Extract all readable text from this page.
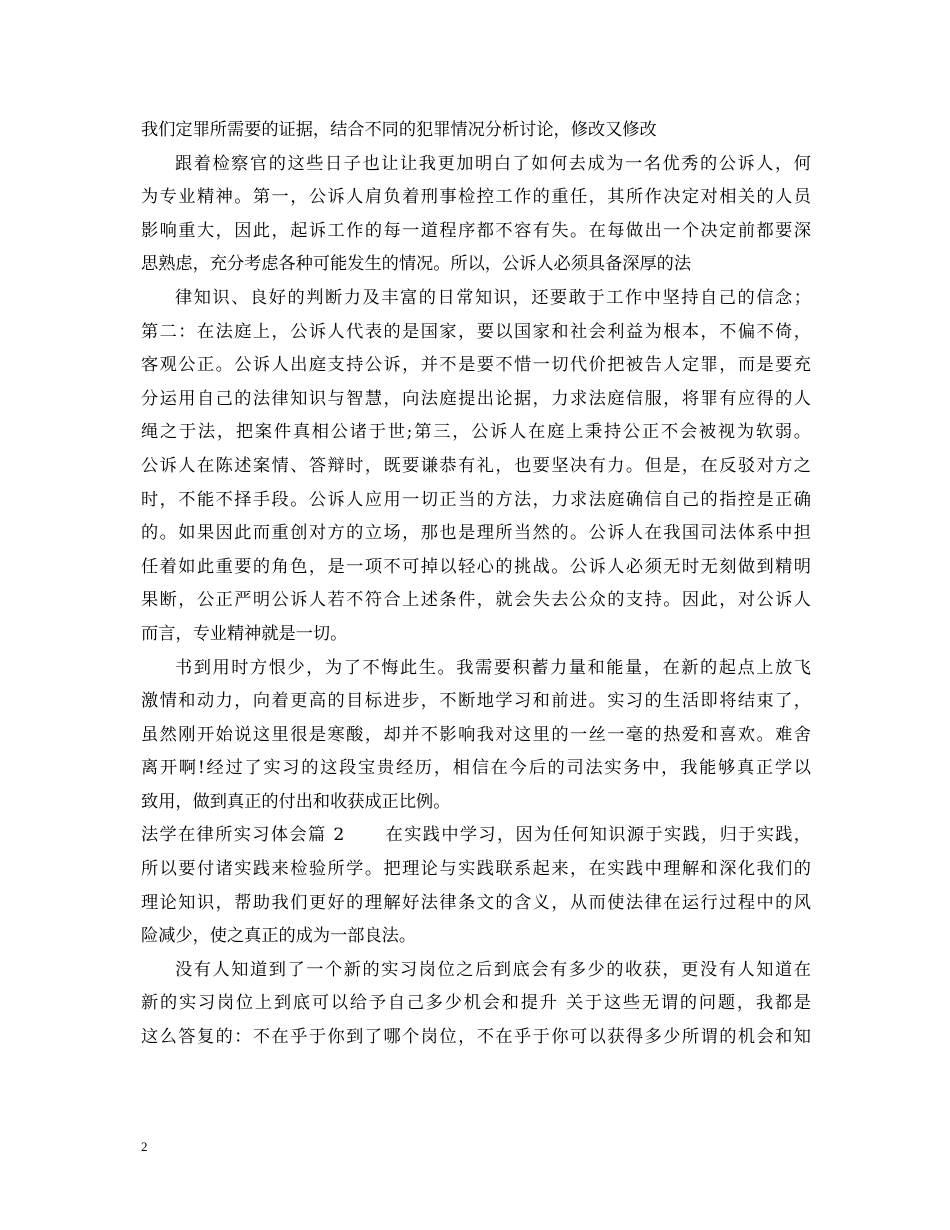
我们定罪所需要的证据，结合不同的犯罪情况分析讨论，修改又修改
跟着检察官的这些日子也让让我更加明白了如何去成为一名优秀的公诉人，何
为专业精神。第一，公诉人肩负着刑事检控工作的重任，其所作决定对相关的人员
影响重大，因此，起诉工作的每一道程序都不容有失。在每做出一个决定前都要深
思熟虑，充分考虑各种可能发生的情况。所以，公诉人必须具备深厚的法
律知识、良好的判断力及丰富的日常知识，还要敢于工作中坚持自己的信念；
第二：在法庭上，公诉人代表的是国家，要以国家和社会利益为根本，不偏不倚，
客观公正。公诉人出庭支持公诉，并不是要不惜一切代价把被告人定罪，而是要充
分运用自己的法律知识与智慧，向法庭提出论据，力求法庭信服，将罪有应得的人
绳之于法，把案件真相公诸于世;第三，公诉人在庭上秉持公正不会被视为软弱。
公诉人在陈述案情、答辩时，既要谦恭有礼，也要坚决有力。但是，在反驳对方之
时，不能不择手段。公诉人应用一切正当的方法，力求法庭确信自己的指控是正确
的。如果因此而重创对方的立场，那也是理所当然的。公诉人在我国司法体系中担
任着如此重要的角色，是一项不可掉以轻心的挑战。公诉人必须无时无刻做到精明
果断，公正严明公诉人若不符合上述条件，就会失去公众的支持。因此，对公诉人
而言，专业精神就是一切。
书到用时方恨少，为了不悔此生。我需要积蓄力量和能量，在新的起点上放飞
激情和动力，向着更高的目标进步，不断地学习和前进。实习的生活即将结束了，
虽然刚开始说这里很是寒酸，却并不影响我对这里的一丝一毫的热爱和喜欢。难舍
离开啊!经过了实习的这段宝贵经历，相信在今后的司法实务中，我能够真正学以
致用，做到真正的付出和收获成正比例。
法学在律所实习体会篇 2 在实践中学习，因为任何知识源于实践，归于实践，
所以要付诸实践来检验所学。把理论与实践联系起来，在实践中理解和深化我们的
理论知识，帮助我们更好的理解好法律条文的含义，从而使法律在运行过程中的风
险减少，使之真正的成为一部良法。
没有人知道到了一个新的实习岗位之后到底会有多少的收获，更没有人知道在
新的实习岗位上到底可以给予自己多少机会和提升 关于这些无谓的问题，我都是
这么答复的：不在乎于你到了哪个岗位，不在乎于你可以获得多少所谓的机会和知
2
